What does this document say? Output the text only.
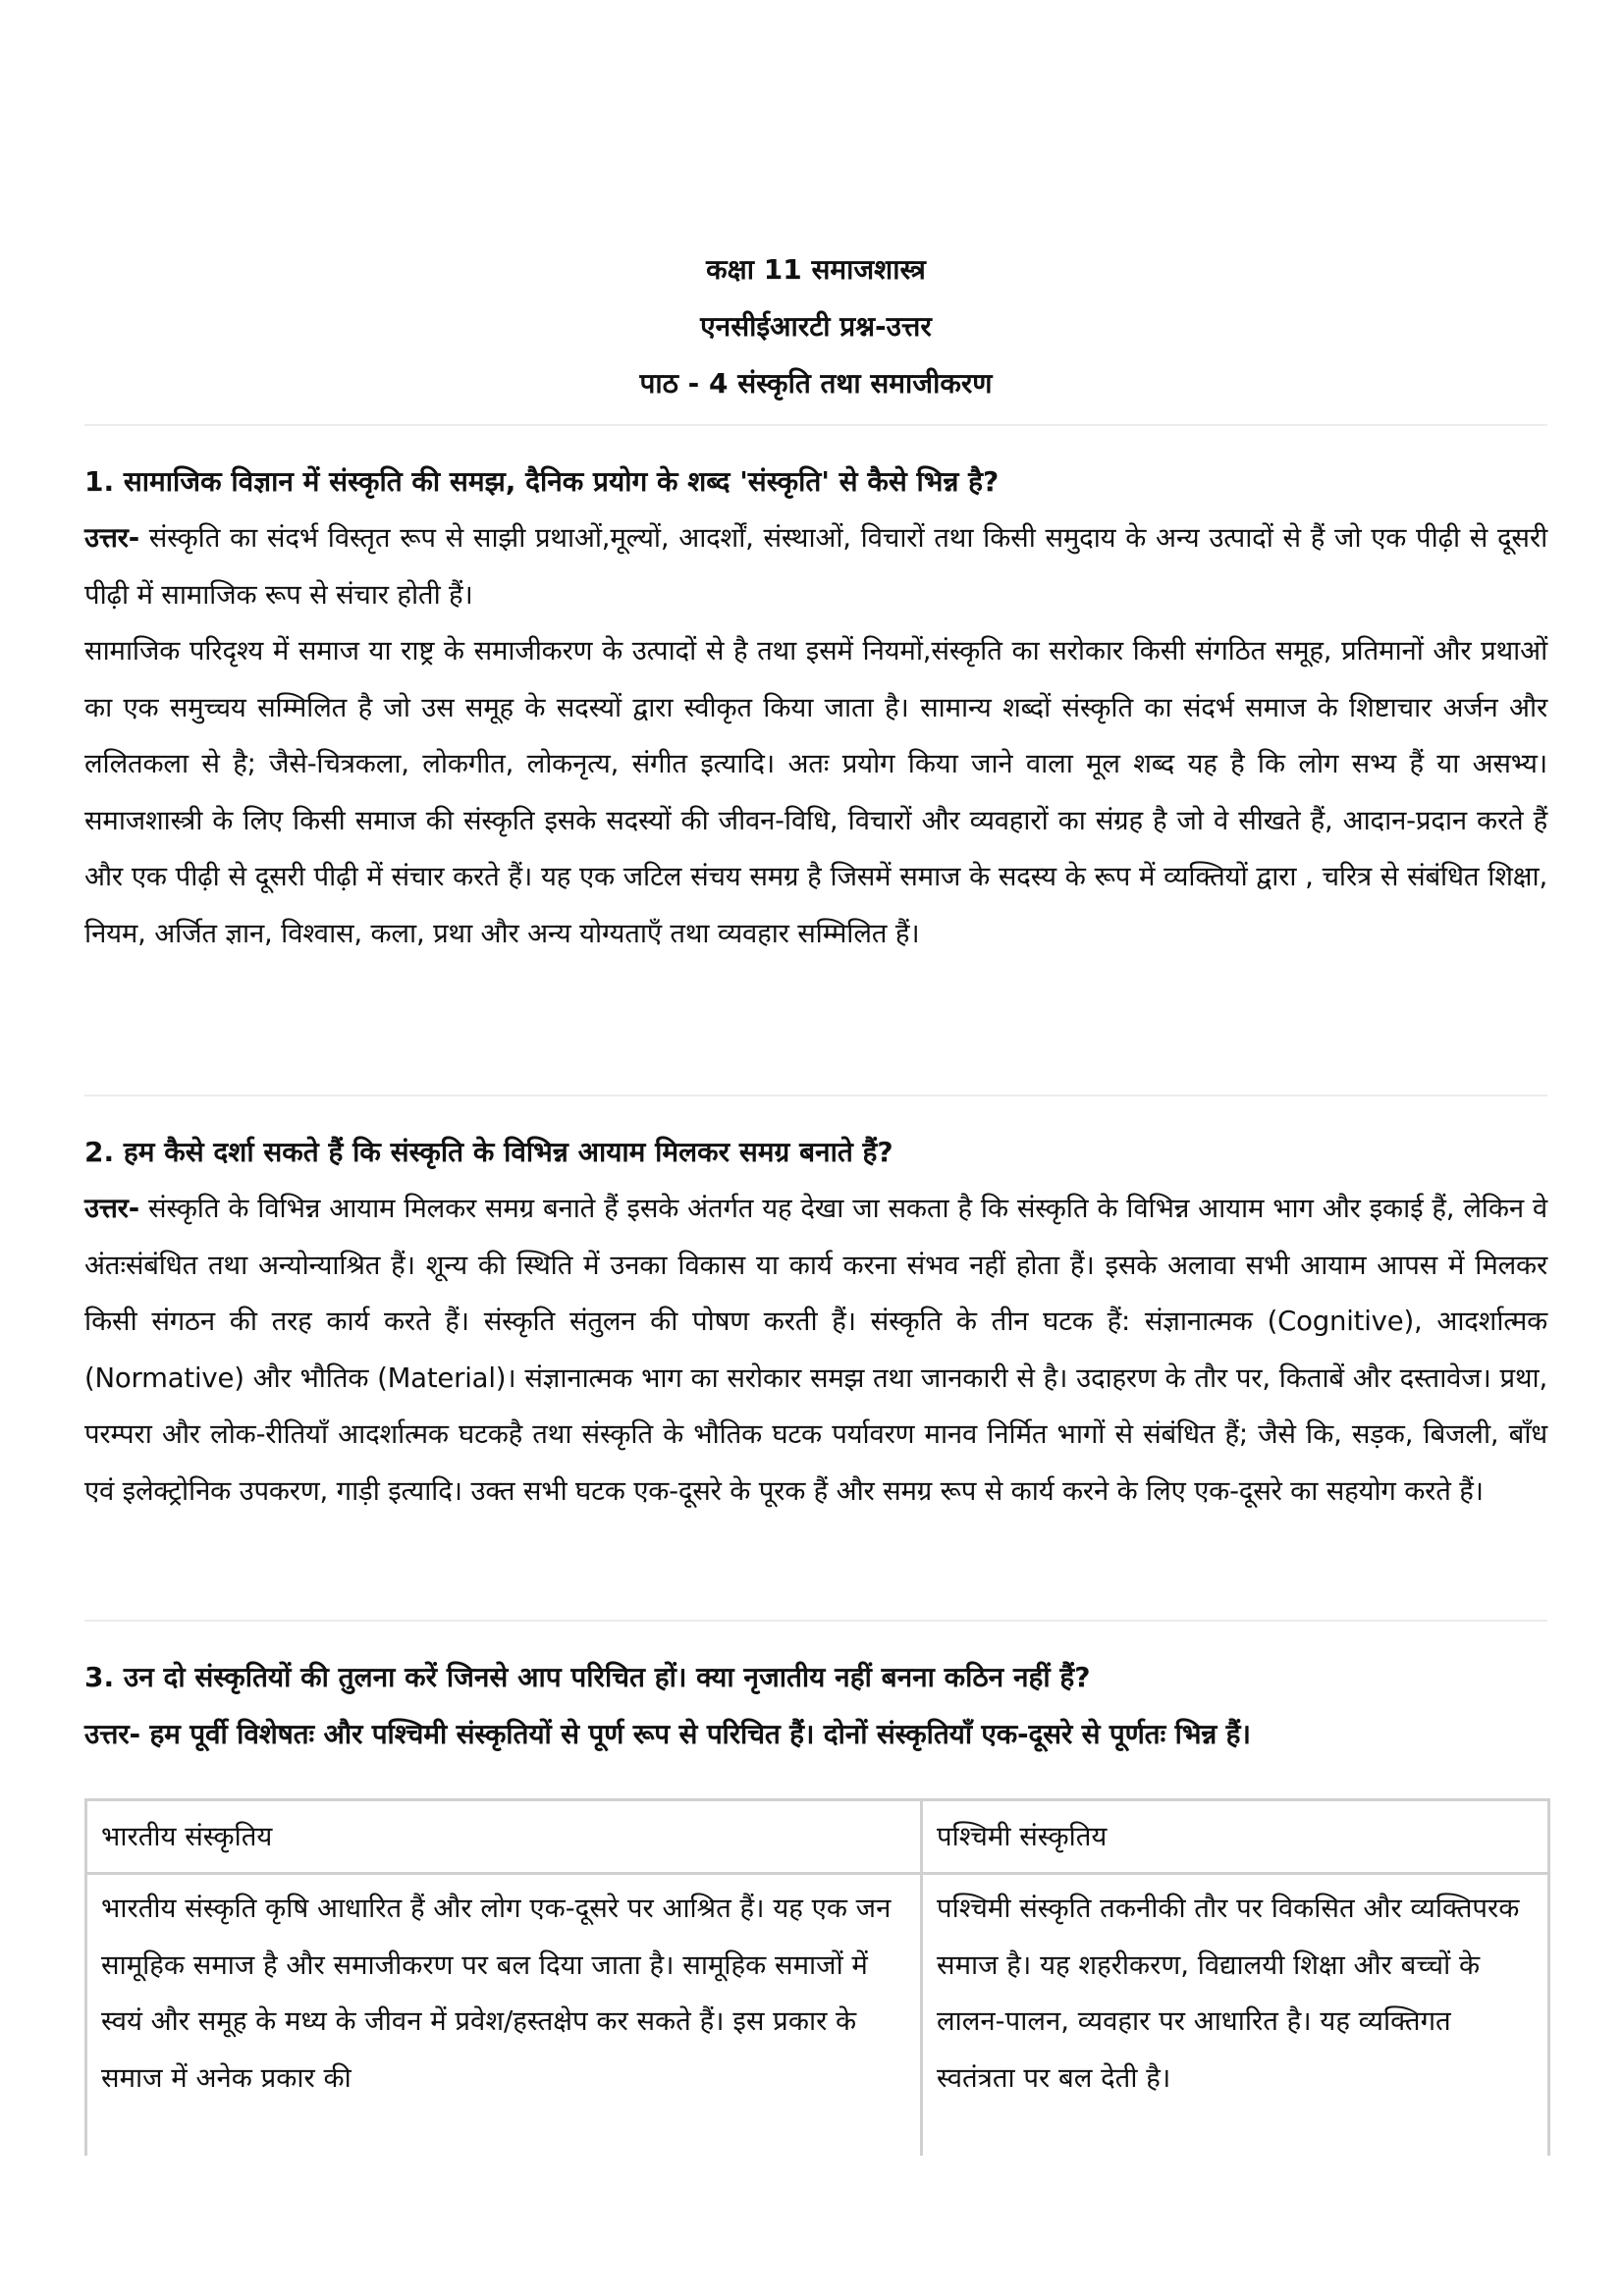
कक्षा 11 समाजशास्त्र
एनसीईआरटी प्रश्न-उत्तर
पाठ - 4 संस्कृति तथा समाजीकरण

1. सामाजिक विज्ञान में संस्कृति की समझ, दैनिक प्रयोग के शब्द 'संस्कृति' से कैसे भिन्न है?

उत्तर- संस्कृति का संदर्भ विस्तृत रूप से साझी प्रथाओं,मूल्यों, आदर्शों, संस्थाओं, विचारों तथा किसी समुदाय के अन्य उत्पादों से हैं जो एक पीढ़ी से दूसरी पीढ़ी में सामाजिक रूप से संचार होती हैं।

सामाजिक परिदृश्य में समाज या राष्ट्र के समाजीकरण के उत्पादों से है तथा इसमें नियमों,संस्कृति का सरोकार किसी संगठित समूह, प्रतिमानों और प्रथाओं का एक समुच्चय सम्मिलित है जो उस समूह के सदस्यों द्वारा स्वीकृत किया जाता है। सामान्य शब्दों संस्कृति का संदर्भ समाज के शिष्टाचार अर्जन और ललितकला से है; जैसे-चित्रकला, लोकगीत, लोकनृत्य, संगीत इत्यादि। अतः प्रयोग किया जाने वाला मूल शब्द यह है कि लोग सभ्य हैं या असभ्य। समाजशास्त्री के लिए किसी समाज की संस्कृति इसके सदस्यों की जीवन-विधि, विचारों और व्यवहारों का संग्रह है जो वे सीखते हैं, आदान-प्रदान करते हैं और एक पीढ़ी से दूसरी पीढ़ी में संचार करते हैं। यह एक जटिल संचय समग्र है जिसमें समाज के सदस्य के रूप में व्यक्तियों द्वारा , चरित्र से संबंधित शिक्षा, नियम, अर्जित ज्ञान, विश्वास, कला, प्रथा और अन्य योग्यताएँ तथा व्यवहार सम्मिलित हैं।

2. हम कैसे दर्शा सकते हैं कि संस्कृति के विभिन्न आयाम मिलकर समग्र बनाते हैं?

उत्तर- संस्कृति के विभिन्न आयाम मिलकर समग्र बनाते हैं इसके अंतर्गत यह देखा जा सकता है कि संस्कृति के विभिन्न आयाम भाग और इकाई हैं, लेकिन वे अंतःसंबंधित तथा अन्योन्याश्रित हैं। शून्य की स्थिति में उनका विकास या कार्य करना संभव नहीं होता हैं। इसके अलावा सभी आयाम आपस में मिलकर किसी संगठन की तरह कार्य करते हैं। संस्कृति संतुलन की पोषण करती हैं। संस्कृति के तीन घटक हैं: संज्ञानात्मक (Cognitive), आदर्शात्मक (Normative) और भौतिक (Material)। संज्ञानात्मक भाग का सरोकार समझ तथा जानकारी से है। उदाहरण के तौर पर, किताबें और दस्तावेज। प्रथा, परम्परा और लोक-रीतियाँ आदर्शात्मक घटकहै तथा संस्कृति के भौतिक घटक पर्यावरण मानव निर्मित भागों से संबंधित हैं; जैसे कि, सड़क, बिजली, बाँध एवं इलेक्ट्रोनिक उपकरण, गाड़ी इत्यादि। उक्त सभी घटक एक-दूसरे के पूरक हैं और समग्र रूप से कार्य करने के लिए एक-दूसरे का सहयोग करते हैं।

3. उन दो संस्कृतियों की तुलना करें जिनसे आप परिचित हों। क्या नृजातीय नहीं बनना कठिन नहीं हैं?

उत्तर- हम पूर्वी विशेषतः और पश्चिमी संस्कृतियों से पूर्ण रूप से परिचित हैं। दोनों संस्कृतियाँ एक-दूसरे से पूर्णतः भिन्न हैं।

भारतीय संस्कृतिय	पश्चिमी संस्कृतिय
भारतीय संस्कृति कृषि आधारित हैं और लोग एक-दूसरे पर आश्रित हैं। यह एक जन सामूहिक समाज है और समाजीकरण पर बल दिया जाता है। सामूहिक समाजों में स्वयं और समूह के मध्य के जीवन में प्रवेश/हस्तक्षेप कर सकते हैं। इस प्रकार के समाज में अनेक प्रकार की	पश्चिमी संस्कृति तकनीकी तौर पर विकसित और व्यक्तिपरक समाज है। यह शहरीकरण, विद्यालयी शिक्षा और बच्चों के लालन-पालन, व्यवहार पर आधारित है। यह व्यक्तिगत स्वतंत्रता पर बल देती है।
